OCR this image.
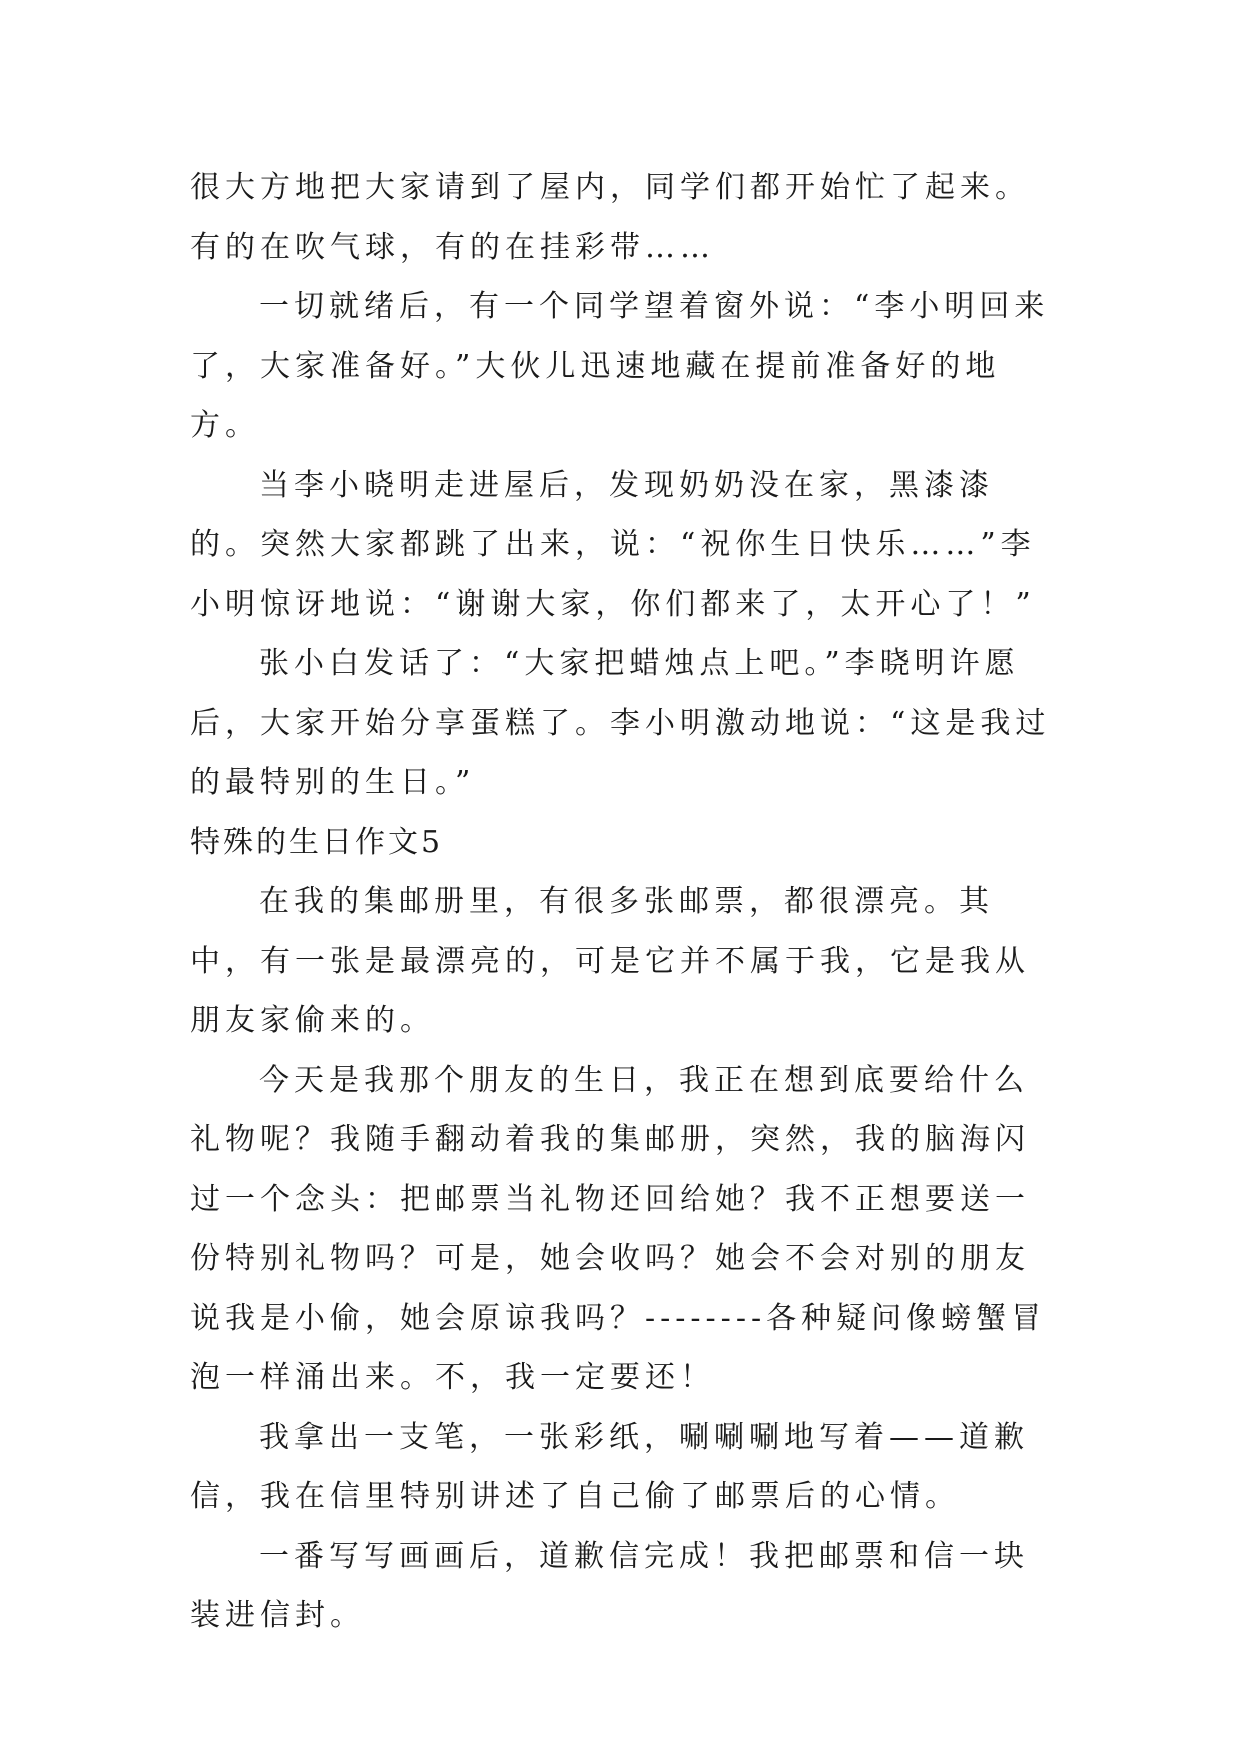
很大方地把大家请到了屋内，同学们都开始忙了起来。有的在吹气球，有的在挂彩带……

一切就绪后，有一个同学望着窗外说：“李小明回来了，大家准备好。”大伙儿迅速地藏在提前准备好的地方。

当李小晓明走进屋后，发现奶奶没在家，黑漆漆的。突然大家都跳了出来，说：“祝你生日快乐……”李小明惊讶地说：“谢谢大家，你们都来了，太开心了！”

张小白发话了：“大家把蜡烛点上吧。”李晓明许愿后，大家开始分享蛋糕了。李小明激动地说：“这是我过的最特别的生日。”

特殊的生日作文5

在我的集邮册里，有很多张邮票，都很漂亮。其中，有一张是最漂亮的，可是它并不属于我，它是我从朋友家偷来的。

今天是我那个朋友的生日，我正在想到底要给什么礼物呢？我随手翻动着我的集邮册，突然，我的脑海闪过一个念头：把邮票当礼物还回给她？我不正想要送一份特别礼物吗？可是，她会收吗？她会不会对别的朋友说我是小偷，她会原谅我吗？--------各种疑问像螃蟹冒泡一样涌出来。不，我一定要还！

我拿出一支笔，一张彩纸，唰唰唰地写着——道歉信，我在信里特别讲述了自己偷了邮票后的心情。

一番写写画画后，道歉信完成！我把邮票和信一块装进信封。
